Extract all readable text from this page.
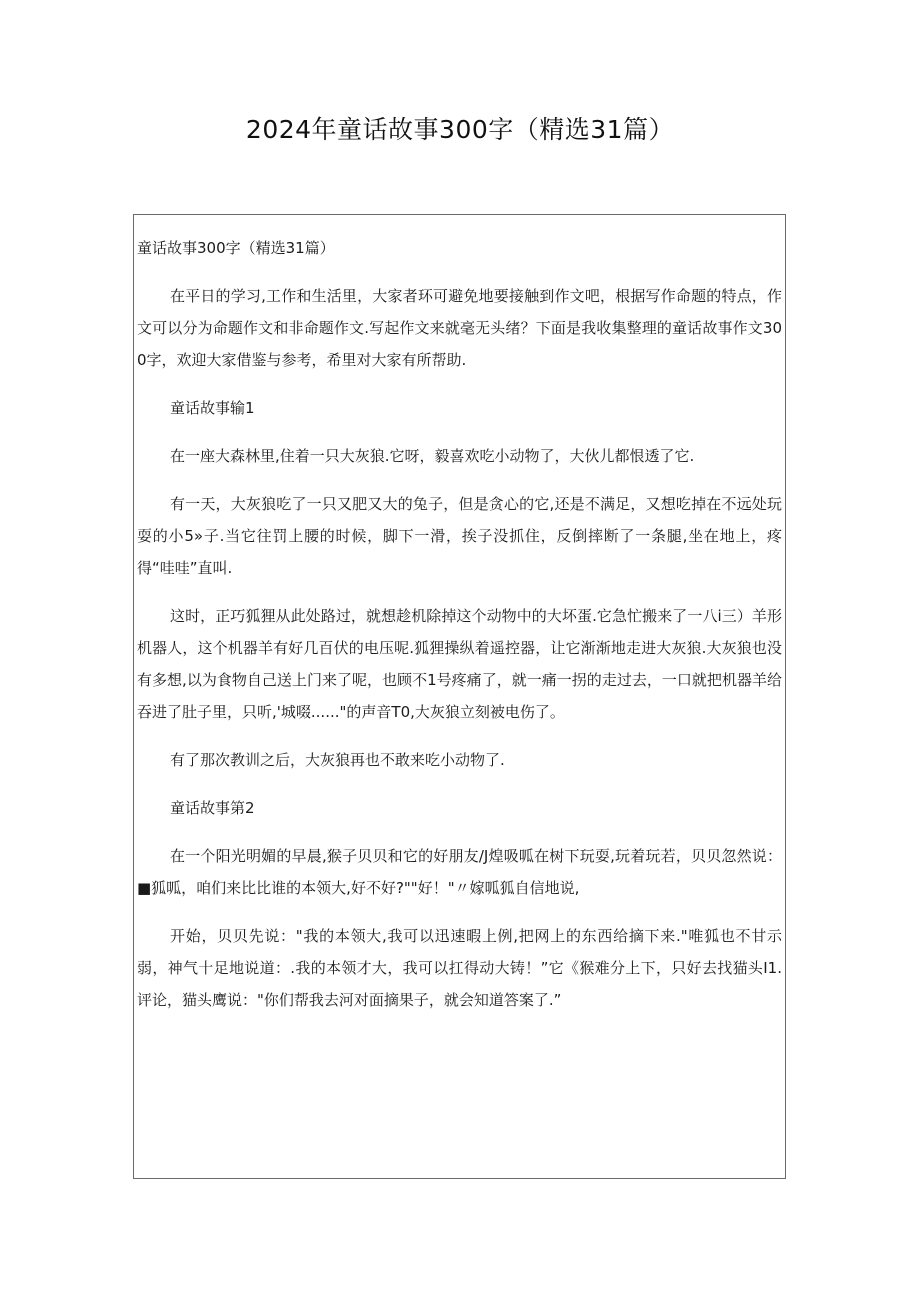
2024年童话故事300字（精选31篇）
童话故事300字（精选31篇）

在平日的学习,工作和生活里，大家者环可避免地要接触到作文吧，根据写作命题的特点，作文可以分为命题作文和非命题作文.写起作文来就毫无头绪？下面是我收集整理的童话故事作文300字，欢迎大家借鉴与参考，希里对大家有所帮助.

童话故事输1

在一座大森林里,住着一只大灰狼.它呀，毅喜欢吃小动物了，大伙儿都恨透了它.

有一天，大灰狼吃了一只又肥又大的兔子，但是贪心的它,还是不满足，又想吃掉在不远处玩耍的小5»子.当它往罚上腰的时候，脚下一滑，挨子没抓住，反倒摔断了一条腿,坐在地上，疼得“哇哇”直叫.

这时，正巧狐狸从此处路过，就想趁机除掉这个动物中的大坏蛋.它急忙搬来了一八i三）羊形机器人，这个机器羊有好几百伏的电压呢.狐狸操纵着遥控器，让它渐渐地走进大灰狼.大灰狼也没有多想,以为食物自己送上门来了呢，也顾不1号疼痛了，就一痛一拐的走过去，一口就把机器羊给吞进了肚子里，只听,'城啜......"的声音T0,大灰狼立刻被电伤了。

有了那次教训之后，大灰狼再也不敢来吃小动物了.

童话故事第2

在一个阳光明媚的早晨,猴子贝贝和它的好朋友/J煌吸呱在树下玩耍,玩着玩若，贝贝忽然说：■狐呱，咱们来比比谁的本领大,好不好?""好！"〃嫁呱狐自信地说,

开始，贝贝先说："我的本领大,我可以迅速暇上例,把网上的东西给摘下来."唯狐也不甘示弱，神气十足地说道：.我的本领才大，我可以扛得动大铸！”它《猴难分上下，只好去找猫头I1.评论，猫头鹰说："你们帮我去河对面摘果子，就会知道答案了.”
